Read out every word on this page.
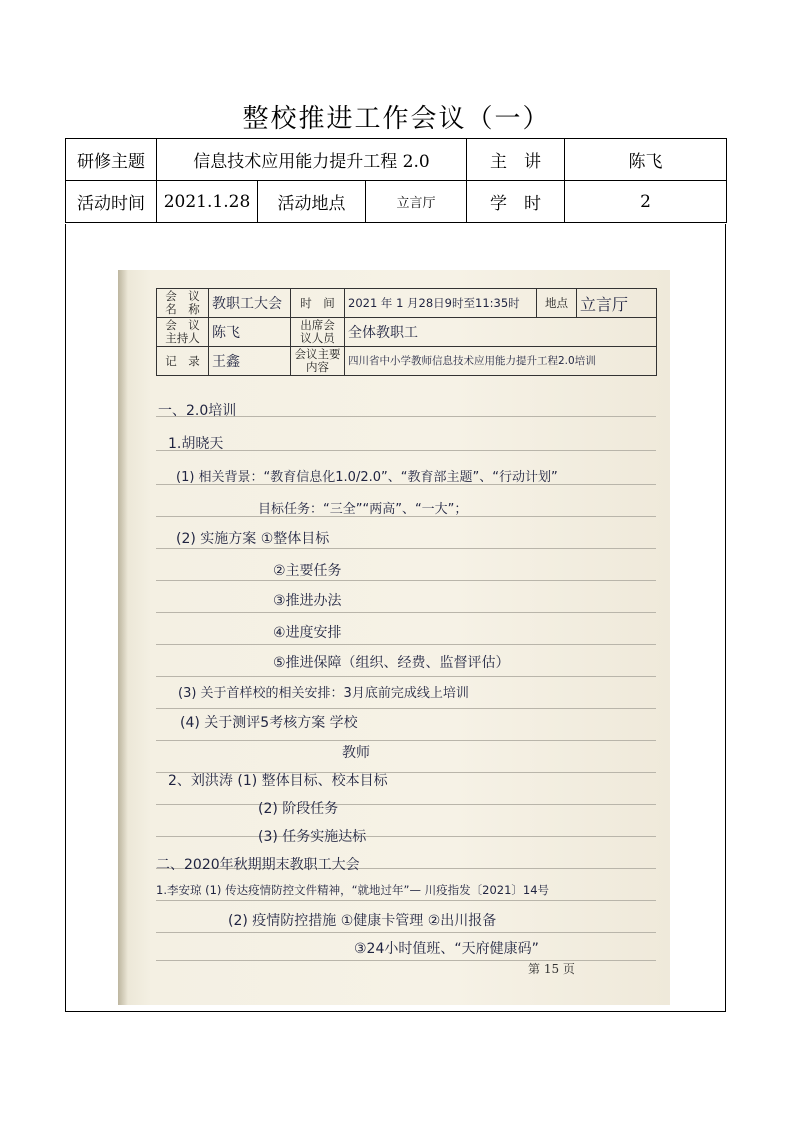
整校推进工作会议（一）
研修主题	信息技术应用能力提升工程 2.0	主　讲	陈飞
活动时间	2021.1.28	活动地点	立言厅	学　时	2
会　议 名　称	教职工大会	时　间	2021 年 1 月28日9时至11:35时	地点	立言厅
会　议 主持人	陈飞	出席会 议人员	全体教职工		
记　录	王鑫	会议主要内容	四川省中小学教师信息技术应用能力提升工程2.0培训		
一、2.0培训
1.胡晓天
(1) 相关背景：“教育信息化1.0/2.0”、“教育部主题”、“行动计划”
目标任务：“三全”“两高”、“一大”；
(2) 实施方案 ①整体目标
②主要任务
③推进办法
④进度安排
⑤推进保障（组织、经费、监督评估）
(3) 关于首样校的相关安排：3月底前完成线上培训
(4) 关于测评5考核方案 学校
教师
2、刘洪涛 (1) 整体目标、校本目标
(2) 阶段任务
(3) 任务实施达标
二、2020年秋期期末教职工大会
1.李安琼 (1) 传达疫情防控文件精神，“就地过年”— 川疫指发〔2021〕14号
(2) 疫情防控措施 ①健康卡管理 ②出川报备
③24小时值班、“天府健康码”
第 15 页
